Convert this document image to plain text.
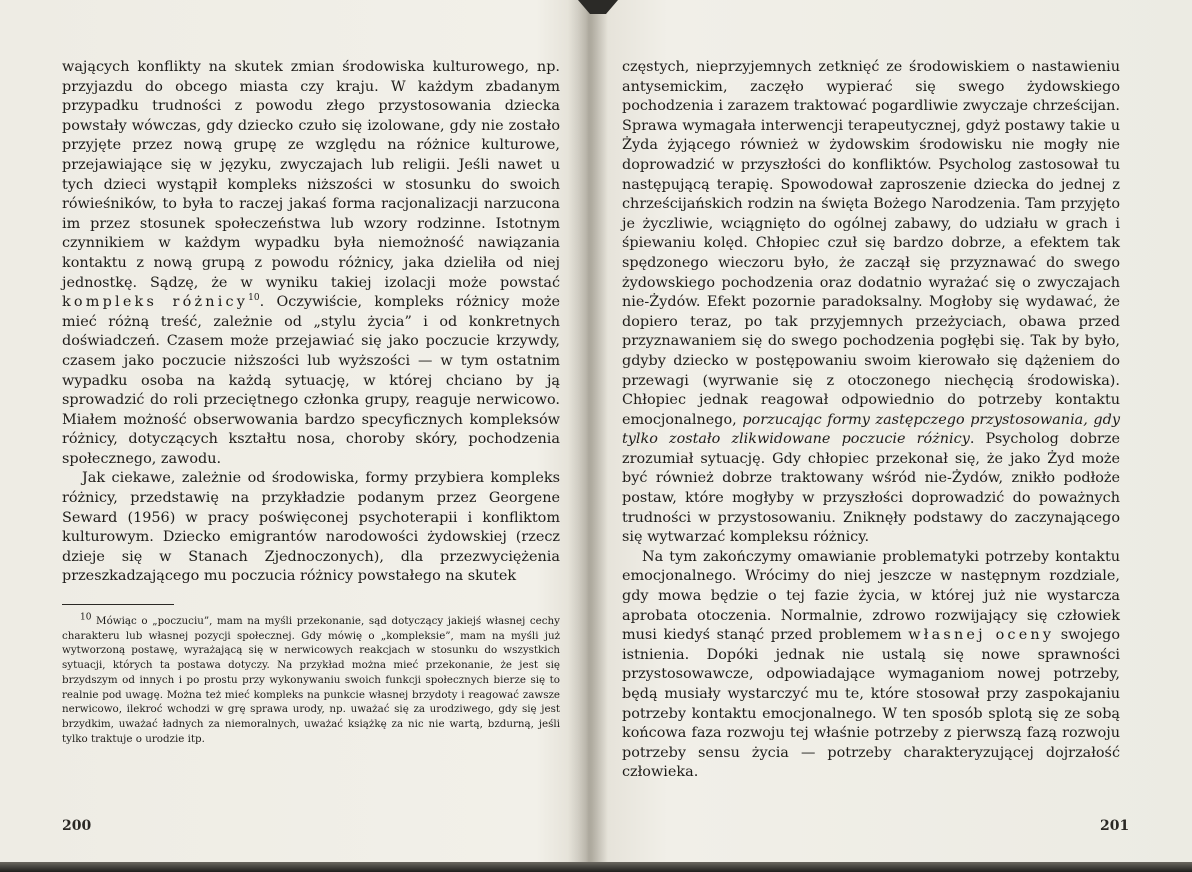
wających konflikty na skutek zmian środowiska kulturowego, np. przyjazdu do obcego miasta czy kraju. W każdym zbadanym przypadku trudności z powodu złego przystosowania dziecka powstały wówczas, gdy dziecko czuło się izolowane, gdy nie zostało przyjęte przez nową grupę ze względu na różnice kulturowe, przejawiające się w języku, zwyczajach lub religii. Jeśli nawet u tych dzieci wystąpił kompleks niższości w stosunku do swoich rówieśników, to była to raczej jakaś forma racjonalizacji narzucona im przez stosunek społeczeństwa lub wzory rodzinne. Istotnym czynnikiem w każdym wypadku była niemożność nawiązania kontaktu z nową grupą z powodu różnicy, jaka dzieliła od niej jednostkę. Sądzę, że w wyniku takiej izolacji może powstać kompleks różnicy$^{10}$. Oczywiście, kompleks różnicy może mieć różną treść, zależnie od „stylu życia” i od konkretnych doświadczeń. Czasem może przejawiać się jako poczucie krzywdy, czasem jako poczucie niższości lub wyższości — w tym ostatnim wypadku osoba na każdą sytuację, w której chciano by ją sprowadzić do roli przeciętnego członka grupy, reaguje nerwicowo. Miałem możność obserwowania bardzo specyficznych kompleksów różnicy, dotyczących kształtu nosa, choroby skóry, pochodzenia społecznego, zawodu.

Jak ciekawe, zależnie od środowiska, formy przybiera kompleks różnicy, przedstawię na przykładzie podanym przez Georgene Seward (1956) w pracy poświęconej psychoterapii i konfliktom kulturowym. Dziecko emigrantów narodowości żydowskiej (rzecz dzieje się w Stanach Zjednoczonych), dla przezwyciężenia przeszkadzającego mu poczucia różnicy powstałego na skutek

$^{10}$ Mówiąc o „poczuciu”, mam na myśli przekonanie, sąd dotyczący jakiejś własnej cechy charakteru lub własnej pozycji społecznej. Gdy mówię o „kompleksie”, mam na myśli już wytworzoną postawę, wyrażającą się w nerwicowych reakcjach w stosunku do wszystkich sytuacji, których ta postawa dotyczy. Na przykład można mieć przekonanie, że jest się brzydszym od innych i po prostu przy wykonywaniu swoich funkcji społecznych bierze się to realnie pod uwagę. Można też mieć kompleks na punkcie własnej brzydoty i reagować zawsze nerwicowo, ilekroć wchodzi w grę sprawa urody, np. uważać się za urodziwego, gdy się jest brzydkim, uważać ładnych za niemoralnych, uważać książkę za nic nie wartą, bzdurną, jeśli tylko traktuje o urodzie itp.

częstych, nieprzyjemnych zetknięć ze środowiskiem o nastawieniu antysemickim, zaczęło wypierać się swego żydowskiego pochodzenia i zarazem traktować pogardliwie zwyczaje chrześcijan. Sprawa wymagała interwencji terapeutycznej, gdyż postawy takie u Żyda żyjącego również w żydowskim środowisku nie mogły nie doprowadzić w przyszłości do konfliktów. Psycholog zastosował tu następującą terapię. Spowodował zaproszenie dziecka do jednej z chrześcijańskich rodzin na święta Bożego Narodzenia. Tam przyjęto je życzliwie, wciągnięto do ogólnej zabawy, do udziału w grach i śpiewaniu kolęd. Chłopiec czuł się bardzo dobrze, a efektem tak spędzonego wieczoru było, że zaczął się przyznawać do swego żydowskiego pochodzenia oraz dodatnio wyrażać się o zwyczajach nie-Żydów. Efekt pozornie paradoksalny. Mogłoby się wydawać, że dopiero teraz, po tak przyjemnych przeżyciach, obawa przed przyznawaniem się do swego pochodzenia pogłębi się. Tak by było, gdyby dziecko w postępowaniu swoim kierowało się dążeniem do przewagi (wyrwanie się z otoczonego niechęcią środowiska). Chłopiec jednak reagował odpowiednio do potrzeby kontaktu emocjonalnego, porzucając formy zastępczego przystosowania, gdy tylko zostało zlikwidowane poczucie różnicy. Psycholog dobrze zrozumiał sytuację. Gdy chłopiec przekonał się, że jako Żyd może być również dobrze traktowany wśród nie-Żydów, znikło podłoże postaw, które mogłyby w przyszłości doprowadzić do poważnych trudności w przystosowaniu. Zniknęły podstawy do zaczynającego się wytwarzać kompleksu różnicy.

Na tym zakończymy omawianie problematyki potrzeby kontaktu emocjonalnego. Wrócimy do niej jeszcze w następnym rozdziale, gdy mowa będzie o tej fazie życia, w której już nie wystarcza aprobata otoczenia. Normalnie, zdrowo rozwijający się człowiek musi kiedyś stanąć przed problemem własnej oceny swojego istnienia. Dopóki jednak nie ustalą się nowe sprawności przystosowawcze, odpowiadające wymaganiom nowej potrzeby, będą musiały wystarczyć mu te, które stosował przy zaspokajaniu potrzeby kontaktu emocjonalnego. W ten sposób splotą się ze sobą końcowa faza rozwoju tej właśnie potrzeby z pierwszą fazą rozwoju potrzeby sensu życia — potrzeby charakteryzującej dojrzałość człowieka.

200	201
